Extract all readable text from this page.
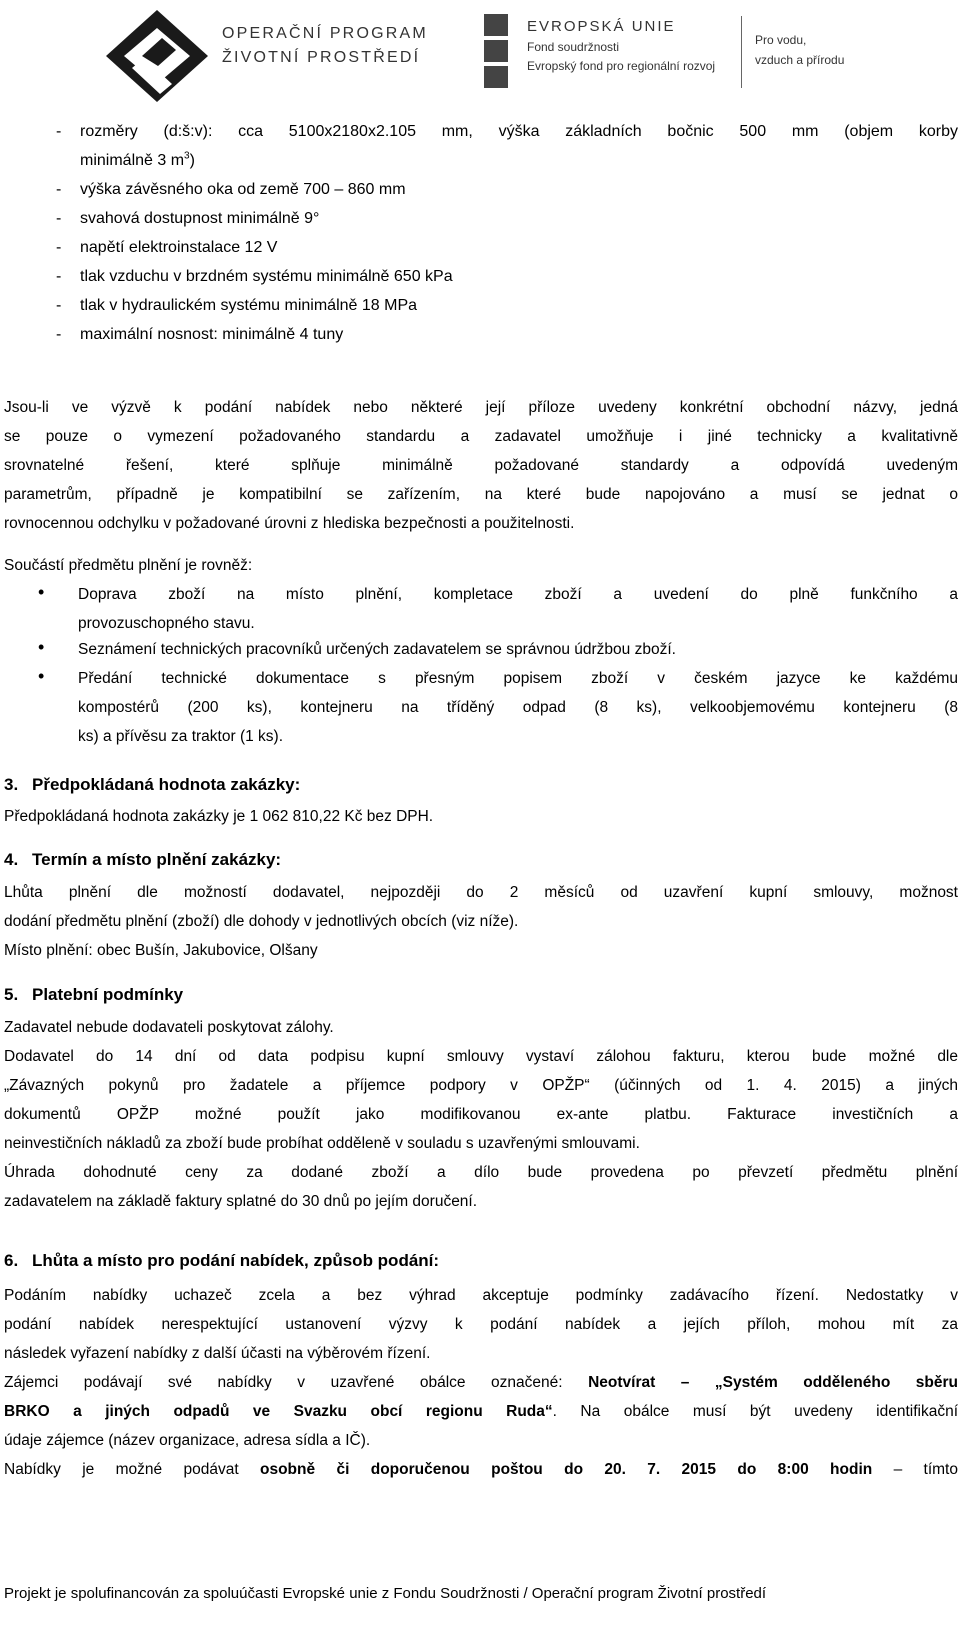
OPERAČNÍ PROGRAM
ŽIVOTNÍ PROSTŘEDÍ
EVROPSKÁ UNIE
Fond soudržnosti
Evropský fond pro regionální rozvoj
Pro vodu,
vzduch a přírodu
- rozměry (d:š:v): cca 5100x2180x2.105 mm, výška základních bočnic 500 mm (objem korby
minimálně 3 $m^3$)
- výška závěsného oka od země 700 – 860 mm
- svahová dostupnost minimálně 9°
- napětí elektroinstalace 12 V
- tlak vzduchu v brzdném systému minimálně 650 kPa
- tlak v hydraulickém systému minimálně 18 MPa
- maximální nosnost: minimálně 4 tuny
Jsou-li ve výzvě k podání nabídek nebo některé její příloze uvedeny konkrétní obchodní názvy, jedná
se pouze o vymezení požadovaného standardu a zadavatel umožňuje i jiné technicky a kvalitativně
srovnatelné řešení, které splňuje minimálně požadované standardy a odpovídá uvedeným
parametrům, případně je kompatibilní se zařízením, na které bude napojováno a musí se jednat o
rovnocennou odchylku v požadované úrovni z hlediska bezpečnosti a použitelnosti.
Součástí předmětu plnění je rovněž:
• Doprava zboží na místo plnění, kompletace zboží a uvedení do plně funkčního a
provozuschopného stavu.
• Seznámení technických pracovníků určených zadavatelem se správnou údržbou zboží.
• Předání technické dokumentace s přesným popisem zboží v českém jazyce ke každému
kompostérů (200 ks), kontejneru na tříděný odpad (8 ks), velkoobjemovému kontejneru (8
ks) a přívěsu za traktor (1 ks).
3. Předpokládaná hodnota zakázky:
Předpokládaná hodnota zakázky je 1 062 810,22 Kč bez DPH.
4. Termín a místo plnění zakázky:
Lhůta plnění dle možností dodavatel, nejpozději do 2 měsíců od uzavření kupní smlouvy, možnost
dodání předmětu plnění (zboží) dle dohody v jednotlivých obcích (viz níže).
Místo plnění: obec Bušín, Jakubovice, Olšany
5. Platební podmínky
Zadavatel nebude dodavateli poskytovat zálohy.
Dodavatel do 14 dní od data podpisu kupní smlouvy vystaví zálohou fakturu, kterou bude možné dle
„Závazných pokynů pro žadatele a příjemce podpory v OPŽP“ (účinných od 1. 4. 2015) a jiných
dokumentů OPŽP možné použít jako modifikovanou ex-ante platbu. Fakturace investičních a
neinvestičních nákladů za zboží bude probíhat odděleně v souladu s uzavřenými smlouvami.
Úhrada dohodnuté ceny za dodané zboží a dílo bude provedena po převzetí předmětu plnění
zadavatelem na základě faktury splatné do 30 dnů po jejím doručení.
6. Lhůta a místo pro podání nabídek, způsob podání:
Podáním nabídky uchazeč zcela a bez výhrad akceptuje podmínky zadávacího řízení. Nedostatky v
podání nabídek nerespektující ustanovení výzvy k podání nabídek a jejích příloh, mohou mít za
následek vyřazení nabídky z další účasti na výběrovém řízení.
Zájemci podávají své nabídky v uzavřené obálce označené: Neotvírat – „Systém odděleného sběru
BRKO a jiných odpadů ve Svazku obcí regionu Ruda“. Na obálce musí být uvedeny identifikační
údaje zájemce (název organizace, adresa sídla a IČ).
Nabídky je možné podávat osobně či doporučenou poštou do 20. 7. 2015 do 8:00 hodin – tímto
Projekt je spolufinancován za spoluúčasti Evropské unie z Fondu Soudržnosti / Operační program Životní prostředí
